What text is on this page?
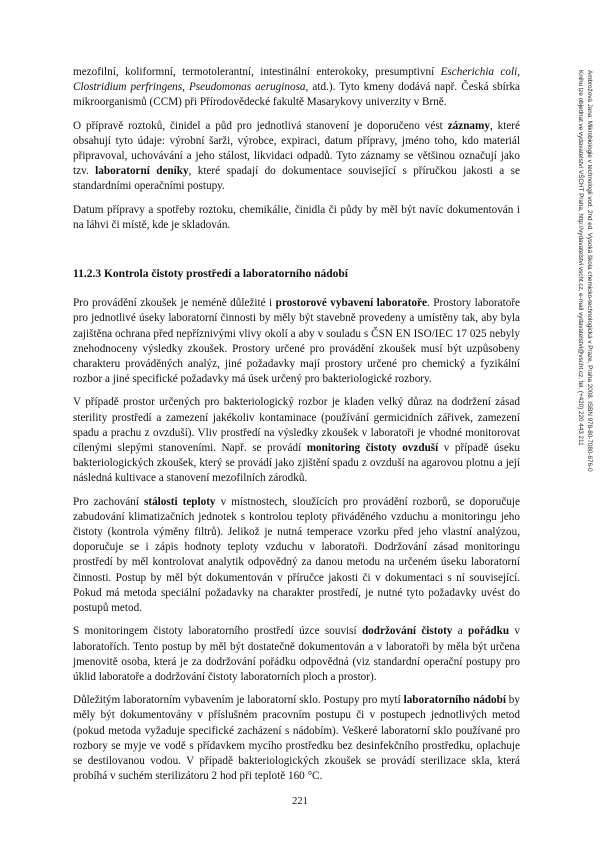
mezofilní, koliformní, termotolerantní, intestinální enterokoky, presumptivní Escherichia coli, Clostridium perfringens, Pseudomonas aeruginosa, atd.). Tyto kmeny dodává např. Česká sbírka mikroorganismů (CCM) při Přírodovědecké fakultě Masarykovy univerzity v Brně.

O přípravě roztoků, činidel a půd pro jednotlivá stanovení je doporučeno vést záznamy, které obsahují tyto údaje: výrobní šarži, výrobce, expiraci, datum přípravy, jméno toho, kdo materiál připravoval, uchovávání a jeho stálost, likvidaci odpadů. Tyto záznamy se většinou označují jako tzv. laboratorní deníky, které spadají do dokumentace související s příručkou jakosti a se standardními operačními postupy.

Datum přípravy a spotřeby roztoku, chemikálie, činidla či půdy by měl být navíc dokumentován i na láhvi či místě, kde je skladován.

11.2.3 Kontrola čistoty prostředí a laboratorního nádobí

Pro provádění zkoušek je neméně důležité i prostorové vybavení laboratoře. Prostory laboratoře pro jednotlivé úseky laboratorní činnosti by měly být stavebně provedeny a umístěny tak, aby byla zajištěna ochrana před nepříznivými vlivy okolí a aby v souladu s ČSN EN ISO/IEC 17 025 nebyly znehodnoceny výsledky zkoušek. Prostory určené pro provádění zkoušek musí být uzpůsobeny charakteru prováděných analýz, jiné požadavky mají prostory určené pro chemický a fyzikální rozbor a jiné specifické požadavky má úsek určený pro bakteriologické rozbory.

V případě prostor určených pro bakteriologický rozbor je kladen velký důraz na dodržení zásad sterility prostředí a zamezení jakékoliv kontaminace (používání germicidních zářivek, zamezení spadu a prachu z ovzduší). Vliv prostředí na výsledky zkoušek v laboratoři je vhodné monitorovat cílenými slepými stanoveními. Např. se provádí monitoring čistoty ovzduší v případě úseku bakteriologických zkoušek, který se provádí jako zjištění spadu z ovzduší na agarovou plotnu a její následná kultivace a stanovení mezofilních zárodků.

Pro zachování stálosti teploty v místnostech, sloužících pro provádění rozborů, se doporučuje zabudování klimatizačních jednotek s kontrolou teploty přiváděného vzduchu a monitoringu jeho čistoty (kontrola výměny filtrů). Jelikož je nutná temperace vzorku před jeho vlastní analýzou, doporučuje se i zápis hodnoty teploty vzduchu v laboratoři. Dodržování zásad monitoringu prostředí by měl kontrolovat analytik odpovědný za danou metodu na určeném úseku laboratorní činnosti. Postup by měl být dokumentován v příručce jakosti či v dokumentaci s ní související. Pokud má metoda speciální požadavky na charakter prostředí, je nutné tyto požadavky uvést do postupů metod.

S monitoringem čistoty laboratorního prostředí úzce souvisí dodržování čistoty a pořádku v laboratořích. Tento postup by měl být dostatečně dokumentován a v laboratoři by měla být určena jmenovitě osoba, která je za dodržování pořádku odpovědná (viz standardní operační postupy pro úklid laboratoře a dodržování čistoty laboratorních ploch a prostor).

Důležitým laboratorním vybavením je laboratorní sklo. Postupy pro mytí laboratorního nádobí by měly být dokumentovány v příslušném pracovním postupu či v postupech jednotlivých metod (pokud metoda vyžaduje specifické zacházení s nádobím). Veškeré laboratorní sklo používané pro rozbory se myje ve vodě s přídavkem mycího prostředku bez desinfekčního prostředku, oplachuje se destilovanou vodou. V případě bakteriologických zkoušek se provádí sterilizace skla, která probíhá v suchém sterilizátoru 2 hod při teplotě 160 °C.

221
Ambrožová Jana: Mikrobiologie v technologii vod. 2nd ed. Vysoká škola chemicko-technologická v Praze, Praha 2008. ISBN 978-80-7080-676-0
Knihu lze objednat ve vydavatelství VŠCHT Praha, http://vydavatelstvi.vscht.cz, e-mail vydavatelstvi@vscht.cz, tel. (+420) 220 443 211
